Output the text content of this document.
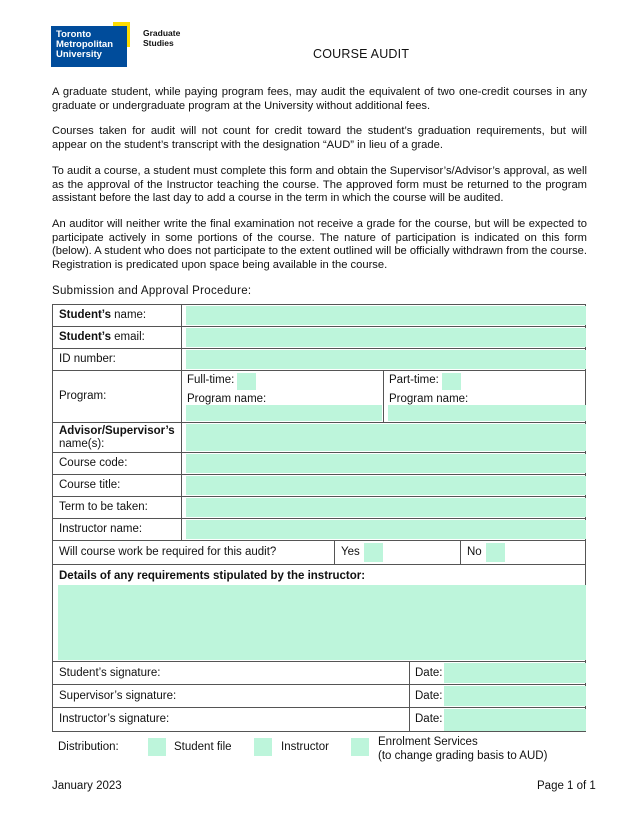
Toronto
Metropolitan
University
Graduate
Studies
COURSE AUDIT
A graduate student, while paying program fees, may audit the equivalent of two one-credit courses in any graduate or undergraduate program at the University without additional fees.
Courses taken for audit will not count for credit toward the student’s graduation requirements, but will appear on the student’s transcript with the designation “AUD” in lieu of a grade.
To audit a course, a student must complete this form and obtain the Supervisor’s/Advisor’s approval, as well as the approval of the Instructor teaching the course. The approved form must be returned to the program assistant before the last day to add a course in the term in which the course will be audited.
An auditor will neither write the final examination not receive a grade for the course, but will be expected to participate actively in some portions of the course. The nature of participation is indicated on this form (below). A student who does not participate to the extent outlined will be officially withdrawn from the course. Registration is predicated upon space being available in the course.
Submission and Approval Procedure:
Student’s name:
Student’s email:
ID number:
Program:
Full-time:
Program name:
Part-time:
Program name:
Advisor/Supervisor’s
name(s):
Course code:
Course title:
Term to be taken:
Instructor name:
Will course work be required for this audit?	Yes	No
Details of any requirements stipulated by the instructor:
Student’s signature:	Date:
Supervisor’s signature:	Date:
Instructor’s signature:	Date:
Distribution:	Student file	Instructor	Enrolment Services
(to change grading basis to AUD)
January 2023	Page 1 of 1
